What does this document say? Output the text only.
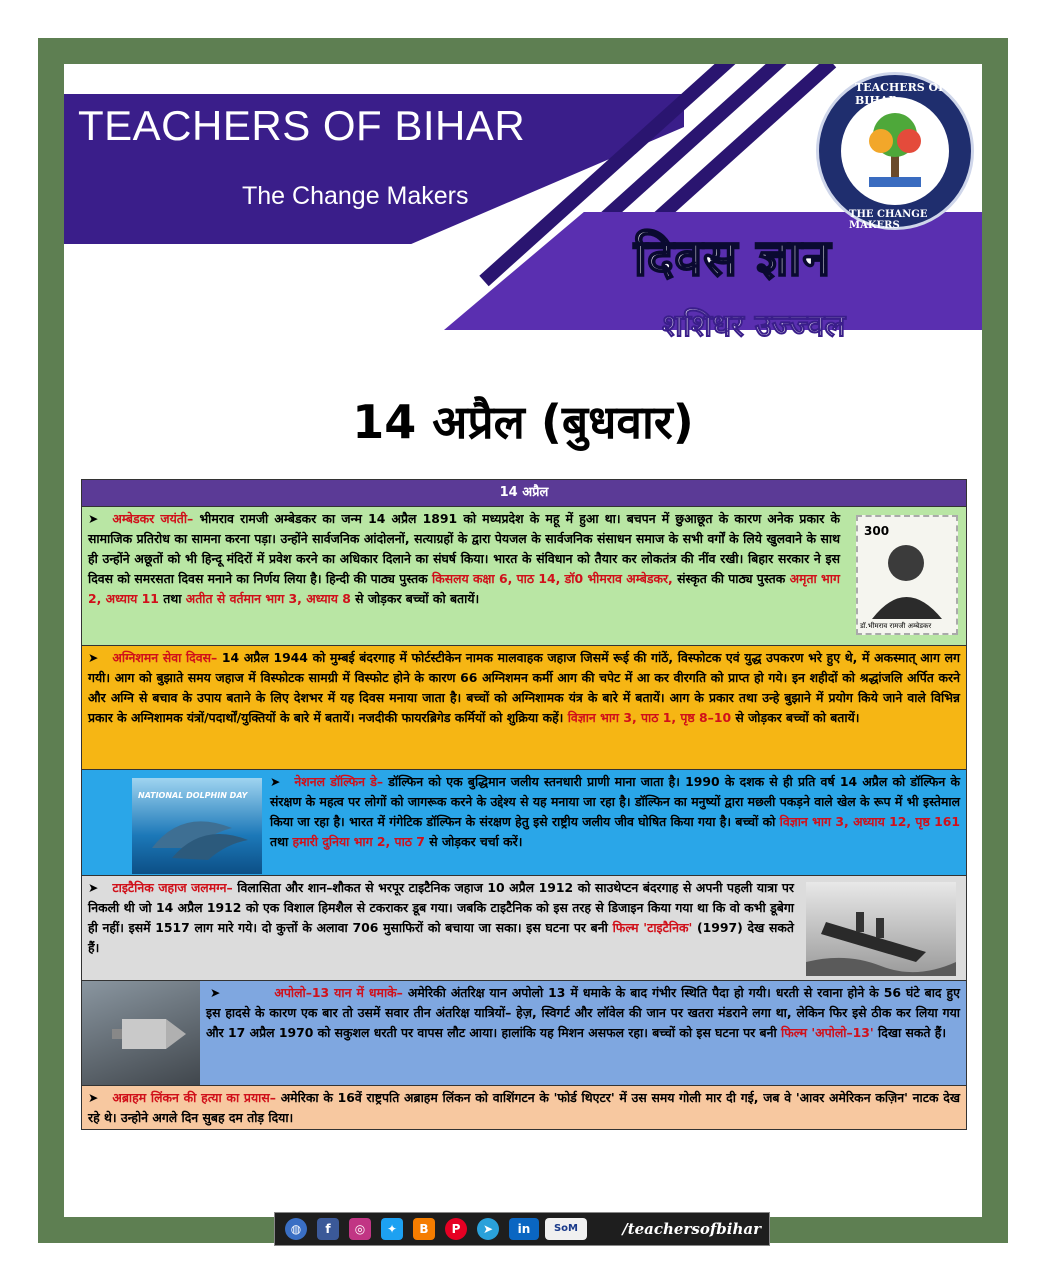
TEACHERS OF BIHAR
The Change Makers
दिवस ज्ञान
शशिधर उज्ज्वल
TEACHERS OF BIHAR
THE CHANGE MAKERS
14 अप्रैल (बुधवार)
14 अप्रैल

➤ अम्बेडकर जयंती– भीमराव रामजी अम्बेडकर का जन्म 14 अप्रैल 1891 को मध्यप्रदेश के महू में हुआ था। बचपन में छुआछूत के कारण अनेक प्रकार के सामाजिक प्रतिरोध का सामना करना पड़ा। उन्होंने सार्वजनिक आंदोलनों, सत्याग्रहों के द्वारा पेयजल के सार्वजनिक संसाधन समाज के सभी वर्गों के लिये खुलवाने के साथ ही उन्होंने अछूतों को भी हिन्दू मंदिरों में प्रवेश करने का अधिकार दिलाने का संघर्ष किया। भारत के संविधान को तैयार कर लोकतंत्र की नींव रखी। बिहार सरकार ने इस दिवस को समरसता दिवस मनाने का निर्णय लिया है। हिन्दी की पाठ्य पुस्तक किसलय कक्षा 6, पाठ 14, डॉ0 भीमराव अम्बेडकर, संस्कृत की पाठ्य पुस्तक अमृता भाग 2, अध्याय 11 तथा अतीत से वर्तमान भाग 3, अध्याय 8 से जोड़कर बच्चों को बतायें।

300
डॉ.भीमराव रामजी अम्बेडकर

➤ अग्निशमन सेवा दिवस– 14 अप्रैल 1944 को मुम्बई बंदरगाह में फोर्टस्टीकेन नामक मालवाहक जहाज जिसमें रूई की गांठें, विस्फोटक एवं युद्ध उपकरण भरे हुए थे, में अकस्मात् आग लग गयी। आग को बुझाते समय जहाज में विस्फोटक सामग्री में विस्फोट होने के कारण 66 अग्निशमन कर्मी आग की चपेट में आ कर वीरगति को प्राप्त हो गये। इन शहीदों को श्रद्धांजलि अर्पित करने और अग्नि से बचाव के उपाय बताने के लिए देशभर में यह दिवस मनाया जाता है। बच्चों को अग्निशामक यंत्र के बारे में बतायें। आग के प्रकार तथा उन्हे बुझाने में प्रयोग किये जाने वाले विभिन्न प्रकार के अग्निशामक यंत्रों/पदार्थों/युक्तियों के बारे में बतायें। नजदीकी फायरब्रिगेड कर्मियों को शुक्रिया कहें। विज्ञान भाग 3, पाठ 1, पृष्ठ 8–10 से जोड़कर बच्चों को बतायें।

NATIONAL DOLPHIN DAY

➤ नेशनल डॉल्फिन डे– डॉल्फिन को एक बुद्धिमान जलीय स्तनधारी प्राणी माना जाता है। 1990 के दशक से ही प्रति वर्ष 14 अप्रैल को डॉल्फिन के संरक्षण के महत्व पर लोगों को जागरूक करने के उद्देश्य से यह मनाया जा रहा है। डॉल्फिन का मनुष्यों द्वारा मछली पकड़ने वाले खेल के रूप में भी इस्तेमाल किया जा रहा है। भारत में गंगेटिक डॉल्फिन के संरक्षण हेतु इसे राष्ट्रीय जलीय जीव घोषित किया गया है। बच्चों को विज्ञान भाग 3, अध्याय 12, पृष्ठ 161 तथा हमारी दुनिया भाग 2, पाठ 7 से जोड़कर चर्चा करें।

➤ टाइटैनिक जहाज जलमग्न– विलासिता और शान–शौकत से भरपूर टाइटैनिक जहाज 10 अप्रैल 1912 को साउथेप्टन बंदरगाह से अपनी पहली यात्रा पर निकली थी जो 14 अप्रैल 1912 को एक विशाल हिमशैल से टकराकर डूब गया। जबकि टाइटैनिक को इस तरह से डिजाइन किया गया था कि वो कभी डूबेगा ही नहीं। इसमें 1517 लाग मारे गये। दो कुत्तों के अलावा 706 मुसाफिरों को बचाया जा सका। इस घटना पर बनी फिल्म 'टाइटैनिक' (1997) देख सकते हैं।

➤	अपोलो–13 यान में धमाके– अमेरिकी अंतरिक्ष यान अपोलो 13 में धमाके के बाद गंभीर स्थिति पैदा हो गयी। धरती से रवाना होने के 56 घंटे बाद हुए इस हादसे के कारण एक बार तो उसमें सवार तीन अंतरिक्ष यात्रियों– हेज़, स्विगर्ट और लॉवेल की जान पर खतरा मंडराने लगा था, लेकिन फिर इसे ठीक कर लिया गया और 17 अप्रैल 1970 को सकुशल धरती पर वापस लौट आया। हालांकि यह मिशन असफल रहा। बच्चों को इस घटना पर बनी फिल्म 'अपोलो–13' दिखा सकते हैं।

➤ अब्राहम लिंकन की हत्या का प्रयास– अमेरिका के 16वें राष्ट्रपति अब्राहम लिंकन को वाशिंगटन के 'फोर्ड थिएटर' में उस समय गोली मार दी गई, जब वे 'आवर अमेरिकन कज़िन' नाटक देख रहे थे। उन्होने अगले दिन सुबह दम तोड़ दिया।

◍	f	◎	✦	B	P	➤	in	SoM	/teachersofbihar
